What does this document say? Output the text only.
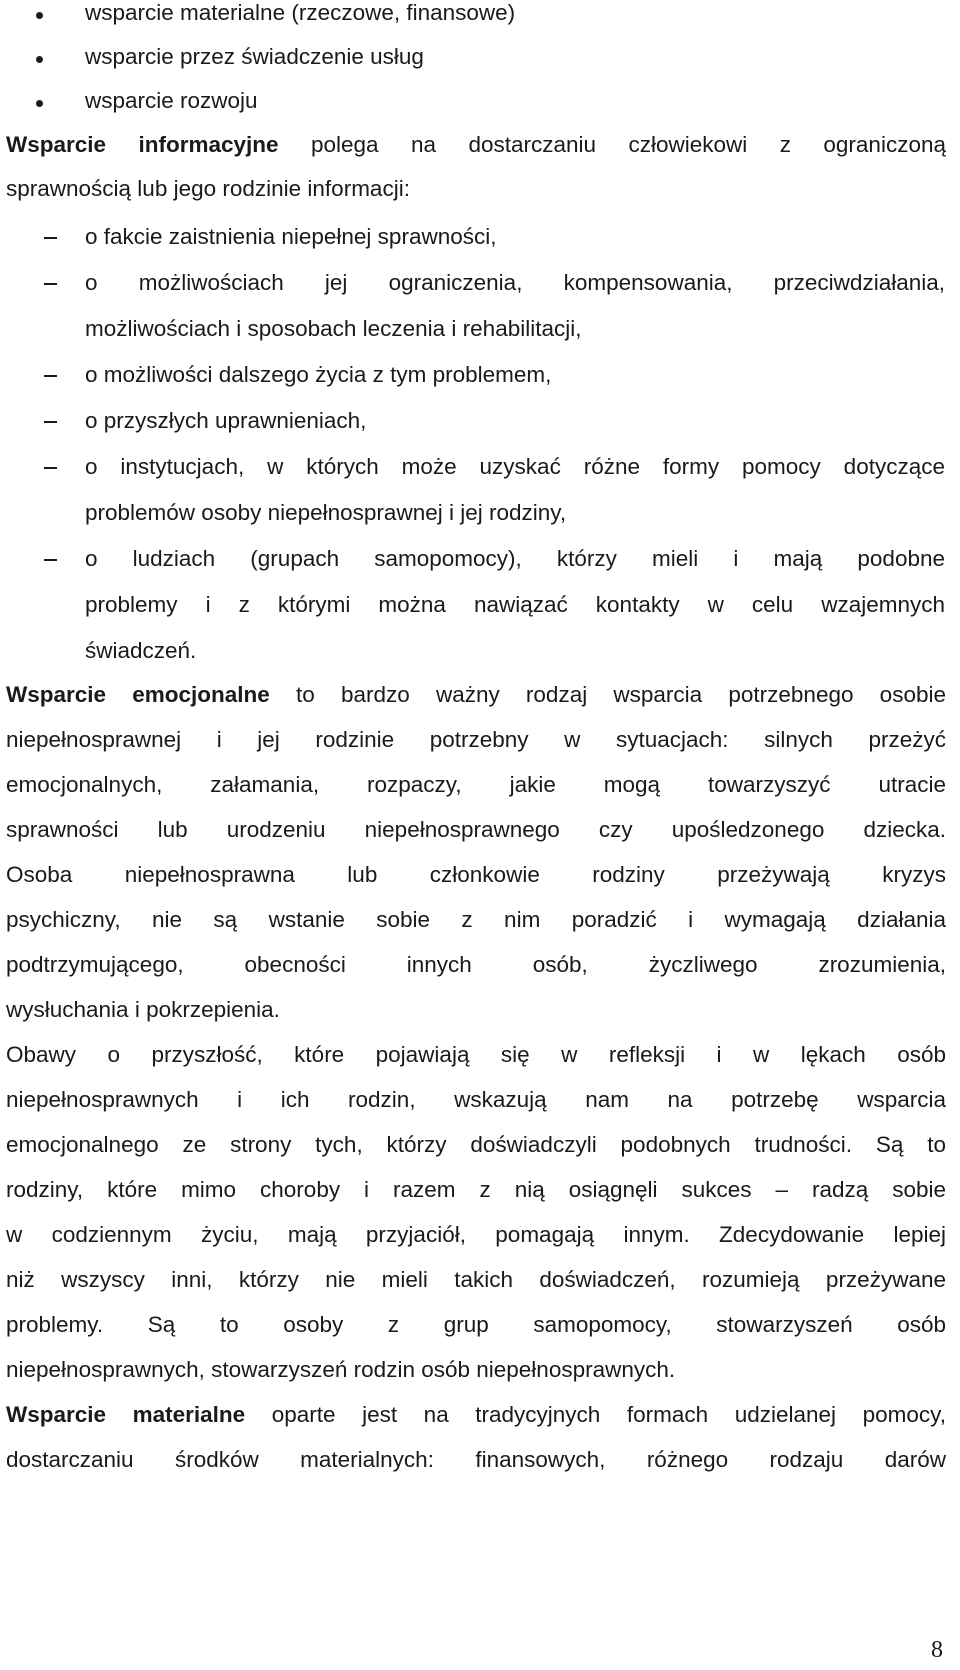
wsparcie materialne (rzeczowe, finansowe)
wsparcie przez świadczenie usług
wsparcie rozwoju
Wsparcie informacyjne polega na dostarczaniu człowiekowi z ograniczoną
sprawnością lub jego rodzinie informacji:
o fakcie zaistnienia niepełnej sprawności,
o możliwościach jej ograniczenia, kompensowania, przeciwdziałania,
możliwościach i sposobach leczenia i rehabilitacji,
o możliwości dalszego życia z tym problemem,
o przyszłych uprawnieniach,
o instytucjach, w których może uzyskać różne formy pomocy dotyczące
problemów osoby niepełnosprawnej i jej rodziny,
o ludziach (grupach samopomocy), którzy mieli i mają podobne
problemy i z którymi można nawiązać kontakty w celu wzajemnych
świadczeń.
Wsparcie emocjonalne to bardzo ważny rodzaj wsparcia potrzebnego osobie
niepełnosprawnej i jej rodzinie potrzebny w sytuacjach: silnych przeżyć
emocjonalnych, załamania, rozpaczy, jakie mogą towarzyszyć utracie
sprawności lub urodzeniu niepełnosprawnego czy upośledzonego dziecka.
Osoba niepełnosprawna lub członkowie rodziny przeżywają kryzys
psychiczny, nie są wstanie sobie z nim poradzić i wymagają działania
podtrzymującego, obecności innych osób, życzliwego zrozumienia,
wysłuchania i pokrzepienia.
Obawy o przyszłość, które pojawiają się w refleksji i w lękach osób
niepełnosprawnych i ich rodzin, wskazują nam na potrzebę wsparcia
emocjonalnego ze strony tych, którzy doświadczyli podobnych trudności. Są to
rodziny, które mimo choroby i razem z nią osiągnęli sukces – radzą sobie
w codziennym życiu, mają przyjaciół, pomagają innym. Zdecydowanie lepiej
niż wszyscy inni, którzy nie mieli takich doświadczeń, rozumieją przeżywane
problemy. Są to osoby z grup samopomocy, stowarzyszeń osób
niepełnosprawnych, stowarzyszeń rodzin osób niepełnosprawnych.
Wsparcie materialne oparte jest na tradycyjnych formach udzielanej pomocy,
dostarczaniu środków materialnych: finansowych, różnego rodzaju darów
8
